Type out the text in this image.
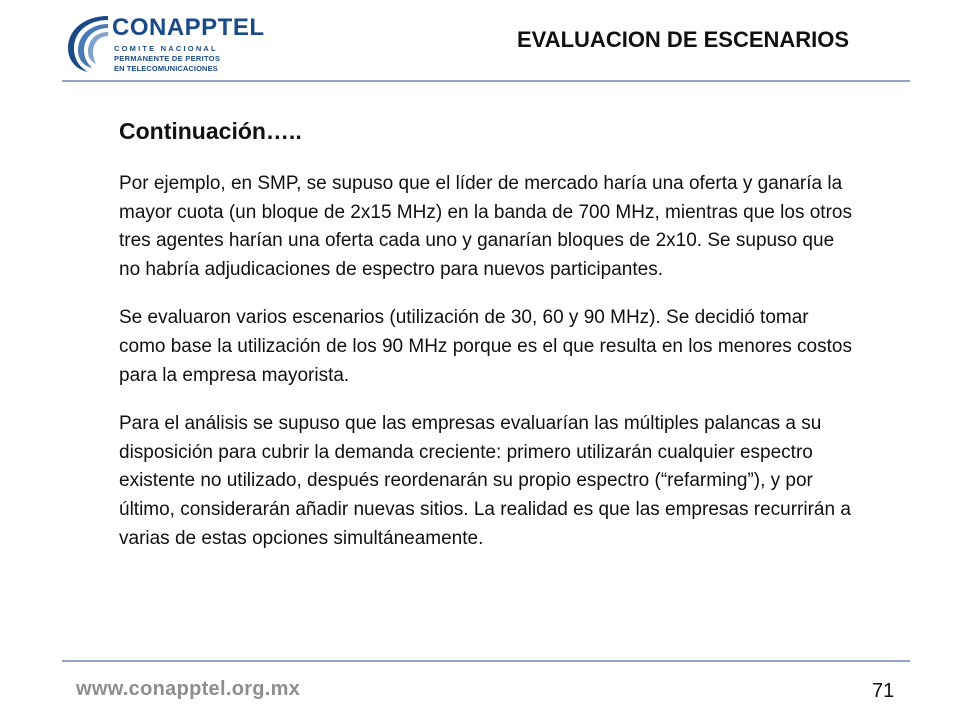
CONAPPTEL
COMITE NACIONAL
PERMANENTE DE PERITOS
EN TELECOMUNICACIONES
EVALUACION DE ESCENARIOS
Continuación…..

Por ejemplo, en SMP, se supuso que el líder de mercado haría una oferta y ganaría la mayor cuota (un bloque de 2x15 MHz) en la banda de 700 MHz, mientras que los otros tres agentes harían una oferta cada uno y ganarían bloques de 2x10. Se supuso que no habría adjudicaciones de espectro para nuevos participantes.

Se evaluaron varios escenarios (utilización de 30, 60 y 90 MHz). Se decidió tomar como base la utilización de los 90 MHz porque es el que resulta en los menores costos para la empresa mayorista.

Para el análisis se supuso que las empresas evaluarían las múltiples palancas a su disposición para cubrir la demanda creciente: primero utilizarán cualquier espectro existente no utilizado, después reordenarán su propio espectro (“refarming”), y por último, considerarán añadir nuevas sitios. La realidad es que las empresas recurrirán a varias de estas opciones simultáneamente.

www.conapptel.org.mx	71
